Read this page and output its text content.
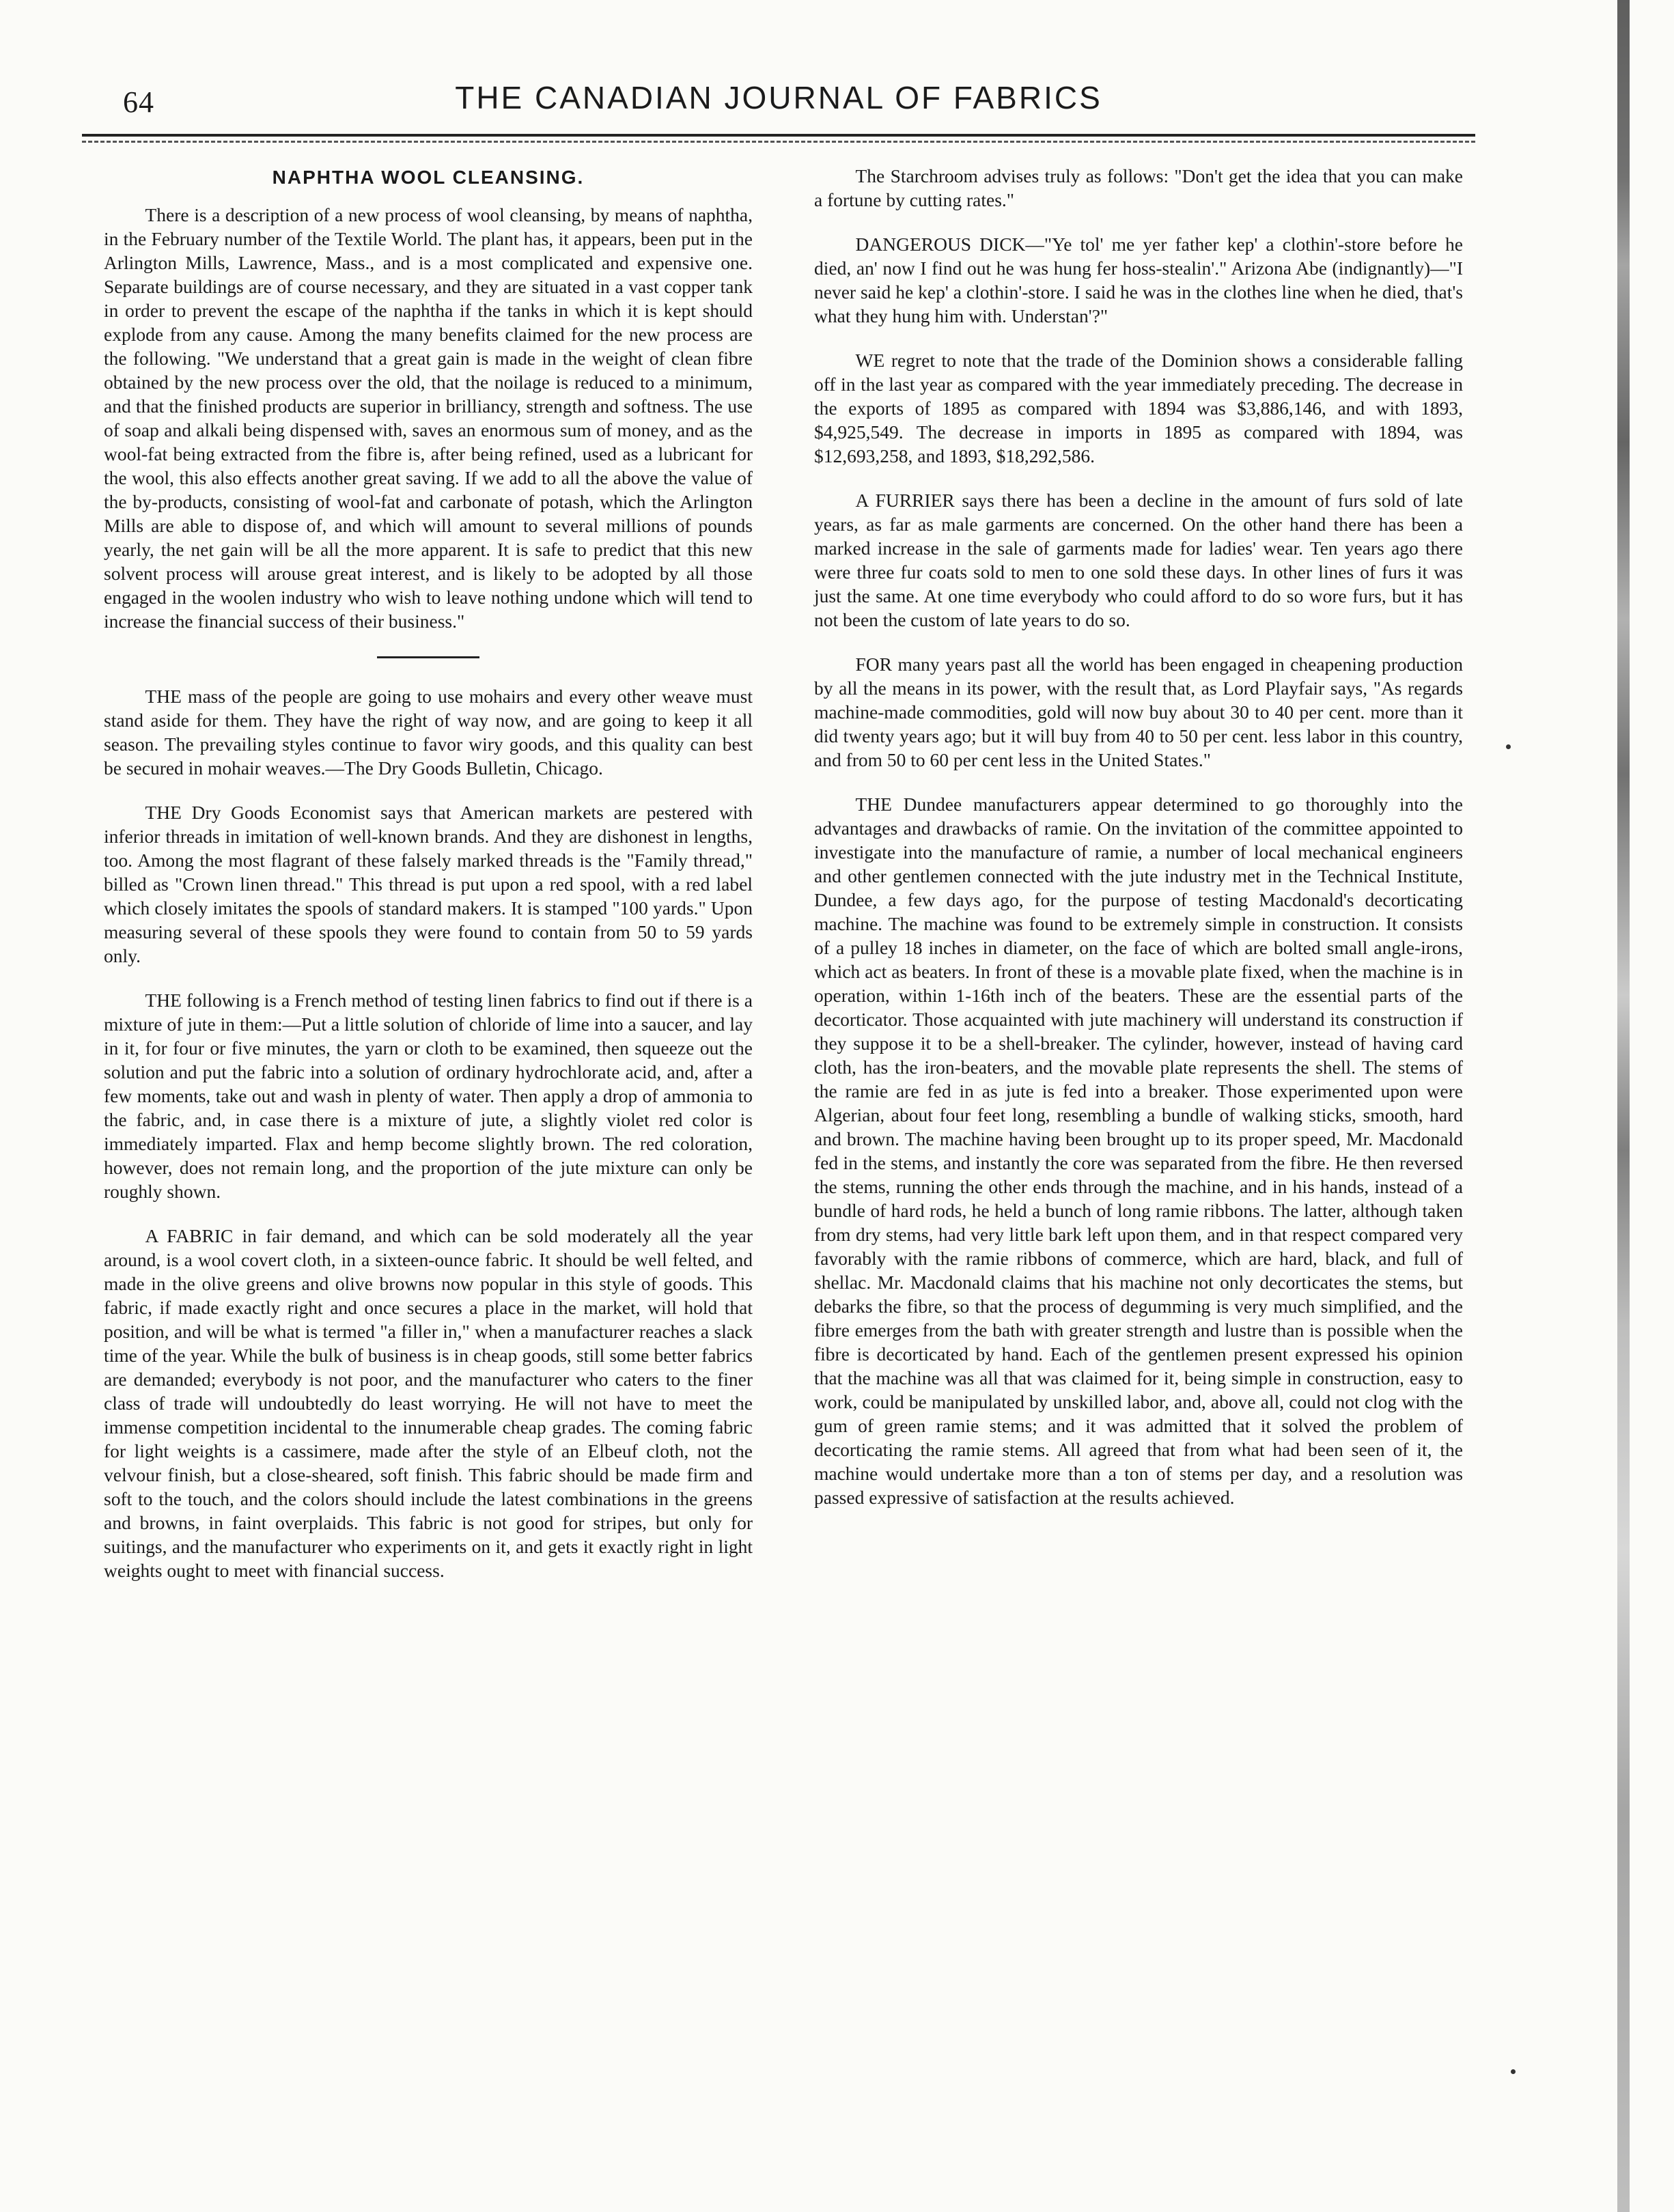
64	THE CANADIAN JOURNAL OF FABRICS
NAPHTHA WOOL CLEANSING.

There is a description of a new process of wool cleansing, by means of naphtha, in the February number of the Textile World. The plant has, it appears, been put in the Arlington Mills, Lawrence, Mass., and is a most complicated and expensive one. Separate buildings are of course necessary, and they are situated in a vast copper tank in order to prevent the escape of the naphtha if the tanks in which it is kept should explode from any cause. Among the many benefits claimed for the new process are the following. "We understand that a great gain is made in the weight of clean fibre obtained by the new process over the old, that the noilage is reduced to a minimum, and that the finished products are superior in brilliancy, strength and softness. The use of soap and alkali being dispensed with, saves an enormous sum of money, and as the wool-fat being extracted from the fibre is, after being refined, used as a lubricant for the wool, this also effects another great saving. If we add to all the above the value of the by-products, consisting of wool-fat and carbonate of potash, which the Arlington Mills are able to dispose of, and which will amount to several millions of pounds yearly, the net gain will be all the more apparent. It is safe to predict that this new solvent process will arouse great interest, and is likely to be adopted by all those engaged in the woolen industry who wish to leave nothing undone which will tend to increase the financial success of their business."

THE mass of the people are going to use mohairs and every other weave must stand aside for them. They have the right of way now, and are going to keep it all season. The prevailing styles continue to favor wiry goods, and this quality can best be secured in mohair weaves.—The Dry Goods Bulletin, Chicago.

THE Dry Goods Economist says that American markets are pestered with inferior threads in imitation of well-known brands. And they are dishonest in lengths, too. Among the most flagrant of these falsely marked threads is the "Family thread," billed as "Crown linen thread." This thread is put upon a red spool, with a red label which closely imitates the spools of standard makers. It is stamped "100 yards." Upon measuring several of these spools they were found to contain from 50 to 59 yards only.

THE following is a French method of testing linen fabrics to find out if there is a mixture of jute in them:—Put a little solution of chloride of lime into a saucer, and lay in it, for four or five minutes, the yarn or cloth to be examined, then squeeze out the solution and put the fabric into a solution of ordinary hydrochlorate acid, and, after a few moments, take out and wash in plenty of water. Then apply a drop of ammonia to the fabric, and, in case there is a mixture of jute, a slightly violet red color is immediately imparted. Flax and hemp become slightly brown. The red coloration, however, does not remain long, and the proportion of the jute mixture can only be roughly shown.

A FABRIC in fair demand, and which can be sold moderately all the year around, is a wool covert cloth, in a sixteen-ounce fabric. It should be well felted, and made in the olive greens and olive browns now popular in this style of goods. This fabric, if made exactly right and once secures a place in the market, will hold that position, and will be what is termed "a filler in," when a manufacturer reaches a slack time of the year. While the bulk of business is in cheap goods, still some better fabrics are demanded; everybody is not poor, and the manufacturer who caters to the finer class of trade will undoubtedly do least worrying. He will not have to meet the immense competition incidental to the innumerable cheap grades. The coming fabric for light weights is a cassimere, made after the style of an Elbeuf cloth, not the velvour finish, but a close-sheared, soft finish. This fabric should be made firm and soft to the touch, and the colors should include the latest combinations in the greens and browns, in faint overplaids. This fabric is not good for stripes, but only for suitings, and the manufacturer who experiments on it, and gets it exactly right in light weights ought to meet with financial success.

The Starchroom advises truly as follows: "Don't get the idea that you can make a fortune by cutting rates."

DANGEROUS DICK—"Ye tol' me yer father kep' a clothin'-store before he died, an' now I find out he was hung fer hoss-stealin'." Arizona Abe (indignantly)—"I never said he kep' a clothin'-store. I said he was in the clothes line when he died, that's what they hung him with. Understan'?"

WE regret to note that the trade of the Dominion shows a considerable falling off in the last year as compared with the year immediately preceding. The decrease in the exports of 1895 as compared with 1894 was $3,886,146, and with 1893, $4,925,549. The decrease in imports in 1895 as compared with 1894, was $12,693,258, and 1893, $18,292,586.

A FURRIER says there has been a decline in the amount of furs sold of late years, as far as male garments are concerned. On the other hand there has been a marked increase in the sale of garments made for ladies' wear. Ten years ago there were three fur coats sold to men to one sold these days. In other lines of furs it was just the same. At one time everybody who could afford to do so wore furs, but it has not been the custom of late years to do so.

FOR many years past all the world has been engaged in cheapening production by all the means in its power, with the result that, as Lord Playfair says, "As regards machine-made commodities, gold will now buy about 30 to 40 per cent. more than it did twenty years ago; but it will buy from 40 to 50 per cent. less labor in this country, and from 50 to 60 per cent less in the United States."

THE Dundee manufacturers appear determined to go thoroughly into the advantages and drawbacks of ramie. On the invitation of the committee appointed to investigate into the manufacture of ramie, a number of local mechanical engineers and other gentlemen connected with the jute industry met in the Technical Institute, Dundee, a few days ago, for the purpose of testing Macdonald's decorticating machine. The machine was found to be extremely simple in construction. It consists of a pulley 18 inches in diameter, on the face of which are bolted small angle-irons, which act as beaters. In front of these is a movable plate fixed, when the machine is in operation, within 1-16th inch of the beaters. These are the essential parts of the decorticator. Those acquainted with jute machinery will understand its construction if they suppose it to be a shell-breaker. The cylinder, however, instead of having card cloth, has the iron-beaters, and the movable plate represents the shell. The stems of the ramie are fed in as jute is fed into a breaker. Those experimented upon were Algerian, about four feet long, resembling a bundle of walking sticks, smooth, hard and brown. The machine having been brought up to its proper speed, Mr. Macdonald fed in the stems, and instantly the core was separated from the fibre. He then reversed the stems, running the other ends through the machine, and in his hands, instead of a bundle of hard rods, he held a bunch of long ramie ribbons. The latter, although taken from dry stems, had very little bark left upon them, and in that respect compared very favorably with the ramie ribbons of commerce, which are hard, black, and full of shellac. Mr. Macdonald claims that his machine not only decorticates the stems, but debarks the fibre, so that the process of degumming is very much simplified, and the fibre emerges from the bath with greater strength and lustre than is possible when the fibre is decorticated by hand. Each of the gentlemen present expressed his opinion that the machine was all that was claimed for it, being simple in construction, easy to work, could be manipulated by unskilled labor, and, above all, could not clog with the gum of green ramie stems; and it was admitted that it solved the problem of decorticating the ramie stems. All agreed that from what had been seen of it, the machine would undertake more than a ton of stems per day, and a resolution was passed expressive of satisfaction at the results achieved.
